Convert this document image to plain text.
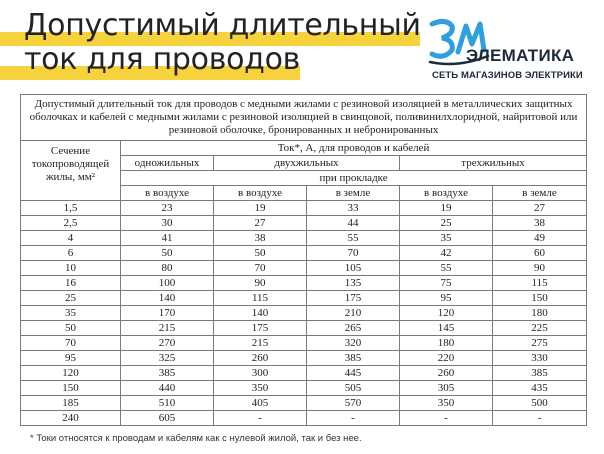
Допустимый длительный
ток для проводов	ЭЛЕМАТИКА
СЕТЬ МАГАЗИНОВ ЭЛЕКТРИКИ
Допустимый длительный ток для проводов с медными жилами с резиновой изоляцией в металлических защитных оболочках и кабелей с медными жилами с резиновой изоляцией в свинцовой, поливинилхлоридной, найритовой или резиновой оболочке, бронированных и небронированных					
Сечение токопроводящей жилы, мм²	Ток*, А, для проводов и кабелей				
	одножильных	двухжильных		трехжильных	
	при прокладке				
	в воздухе	в воздухе	в земле	в воздухе	в земле
1,5	23	19	33	19	27
2,5	30	27	44	25	38
4	41	38	55	35	49
6	50	50	70	42	60
10	80	70	105	55	90
16	100	90	135	75	115
25	140	115	175	95	150
35	170	140	210	120	180
50	215	175	265	145	225
70	270	215	320	180	275
95	325	260	385	220	330
120	385	300	445	260	385
150	440	350	505	305	435
185	510	405	570	350	500
240	605	-	-	-	-
* Токи относятся к проводам и кабелям как с нулевой жилой, так и без нее.
